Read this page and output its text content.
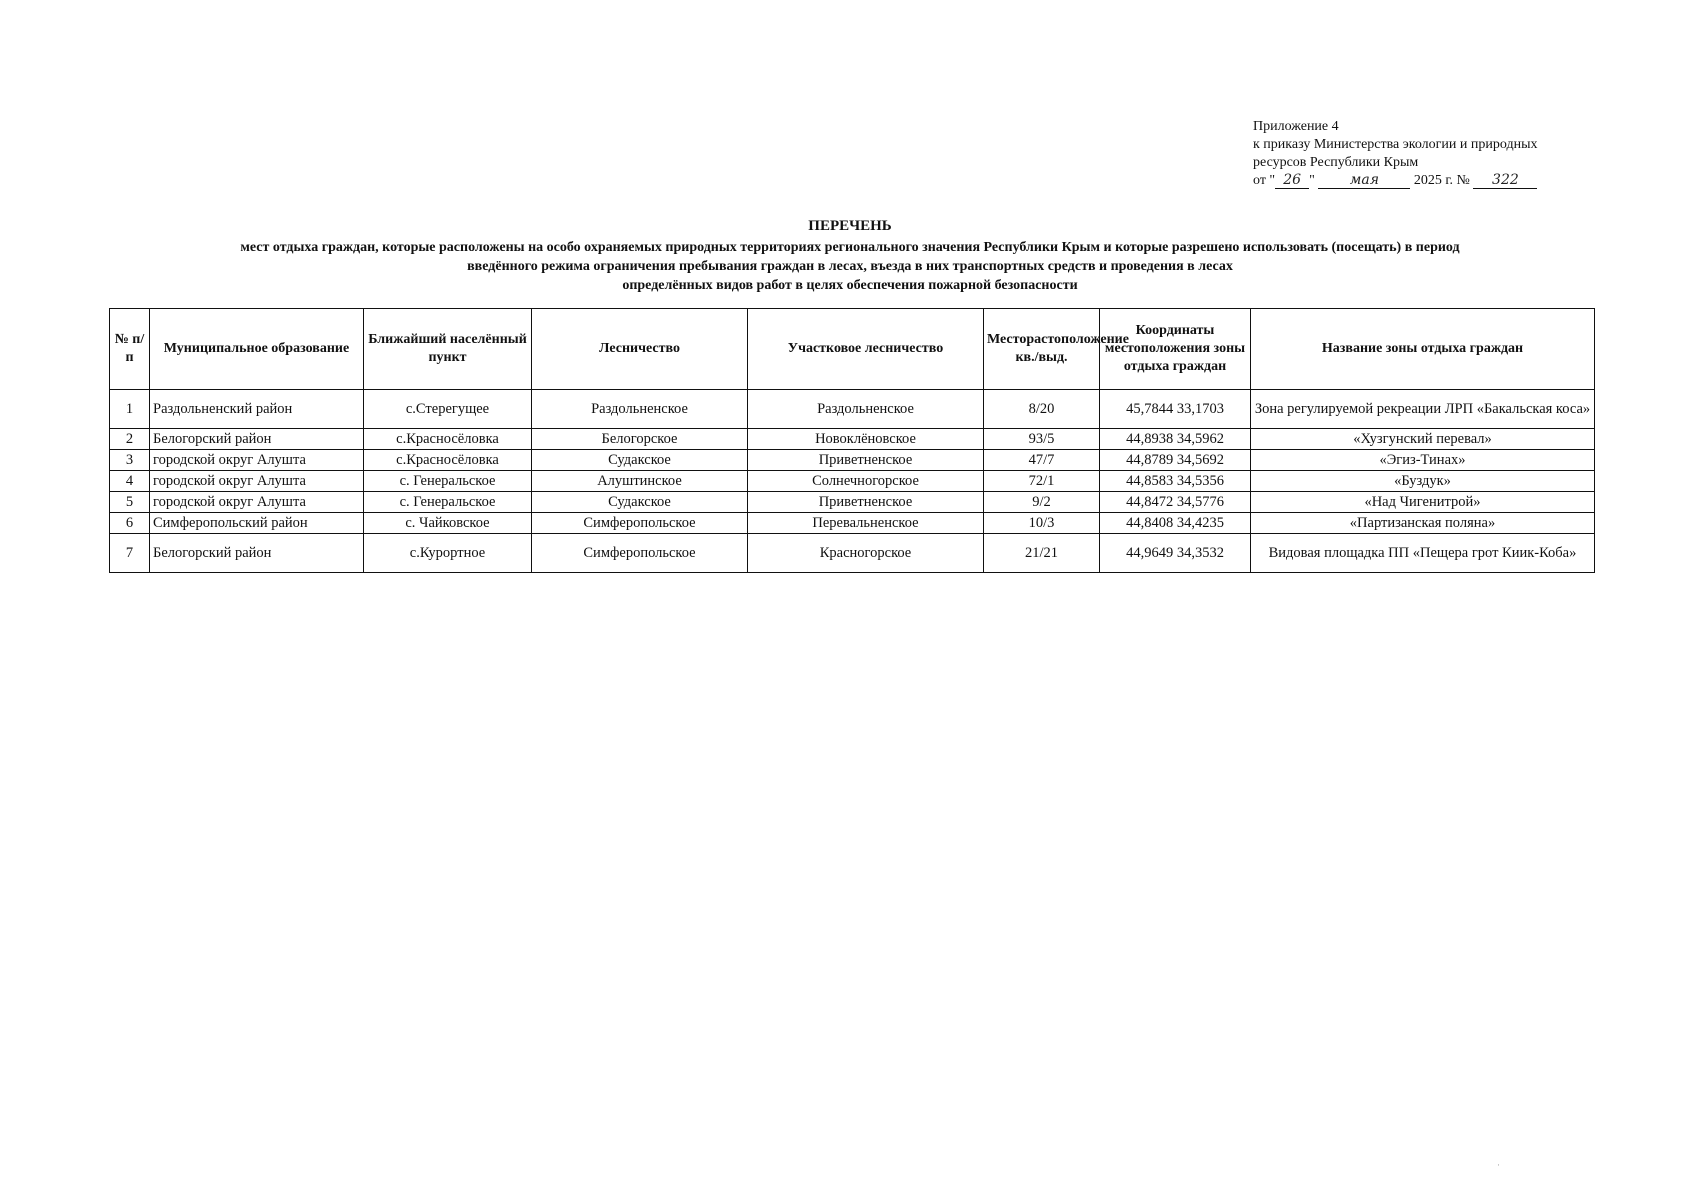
Приложение 4
к приказу Министерства экологии и природных
ресурсов Республики Крым
от " 26 " мая 2025 г. № 322
ПЕРЕЧЕНЬ
мест отдыха граждан, которые расположены на особо охраняемых природных территориях регионального значения Республики Крым и которые разрешено использовать (посещать) в период
введённого режима ограничения пребывания граждан в лесах, въезда в них транспортных средств и проведения в лесах
определённых видов работ в целях обеспечения пожарной безопасности
№ п/п	Муниципальное образование	Ближайший населённый пункт	Лесничество	Участковое лесничество	Месторастоположение кв./выд.	Координаты местоположения зоны отдыха граждан	Название зоны отдыха граждан
1	Раздольненский район	с.Стерегущее	Раздольненское	Раздольненское	8/20	45,7844 33,1703	Зона регулируемой рекреации ЛРП «Бакальская коса»
2	Белогорский район	с.Красносёловка	Белогорское	Новоклёновское	93/5	44,8938 34,5962	«Хузгунский перевал»
3	городской округ Алушта	с.Красносёловка	Судакское	Приветненское	47/7	44,8789 34,5692	«Эгиз-Тинах»
4	городской округ Алушта	с. Генеральское	Алуштинское	Солнечногорское	72/1	44,8583 34,5356	«Буздук»
5	городской округ Алушта	с. Генеральское	Судакское	Приветненское	9/2	44,8472 34,5776	«Над Чигенитрой»
6	Симферопольский район	с. Чайковское	Симферопольское	Перевальненское	10/3	44,8408 34,4235	«Партизанская поляна»
7	Белогорский район	с.Курортное	Симферопольское	Красногорское	21/21	44,9649 34,3532	Видовая площадка ПП «Пещера грот Киик-Коба»
·
